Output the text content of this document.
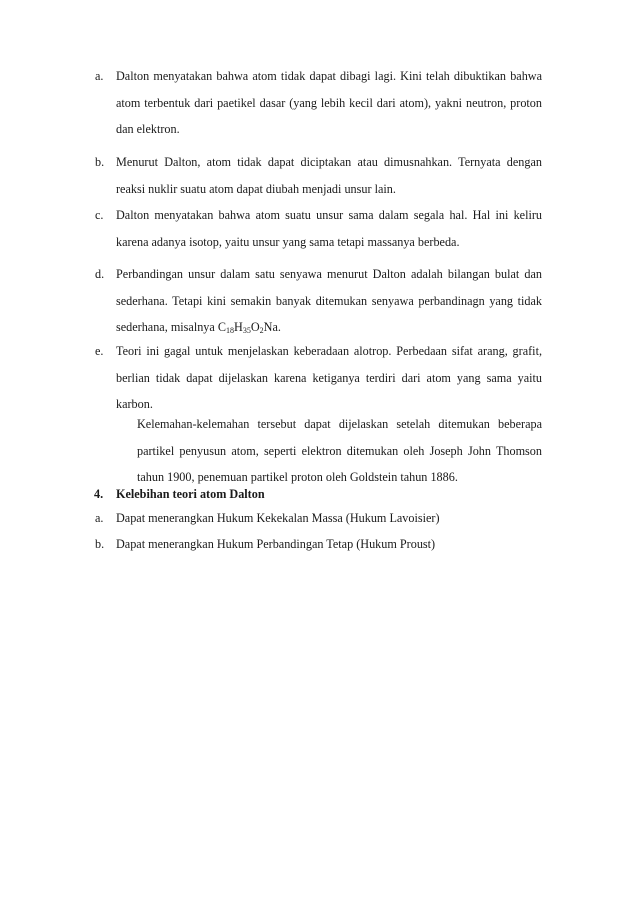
a. Dalton menyatakan bahwa atom tidak dapat dibagi lagi. Kini telah dibuktikan bahwa atom terbentuk dari paetikel dasar (yang lebih kecil dari atom), yakni neutron, proton dan elektron.
b. Menurut Dalton, atom tidak dapat diciptakan atau dimusnahkan. Ternyata dengan reaksi nuklir suatu atom dapat diubah menjadi unsur lain.
c. Dalton menyatakan bahwa atom suatu unsur sama dalam segala hal. Hal ini keliru karena adanya isotop, yaitu unsur yang sama tetapi massanya berbeda.
d. Perbandingan unsur dalam satu senyawa menurut Dalton adalah bilangan bulat dan sederhana. Tetapi kini semakin banyak ditemukan senyawa perbandinagn yang tidak sederhana, misalnya $C_{18}H_{35}O_2Na$.
e. Teori ini gagal untuk menjelaskan keberadaan alotrop. Perbedaan sifat arang, grafit, berlian tidak dapat dijelaskan karena ketiganya terdiri dari atom yang sama yaitu karbon.
Kelemahan-kelemahan tersebut dapat dijelaskan setelah ditemukan beberapa partikel penyusun atom, seperti elektron ditemukan oleh Joseph John Thomson tahun 1900, penemuan partikel proton oleh Goldstein tahun 1886.
4. Kelebihan teori atom Dalton
a. Dapat menerangkan Hukum Kekekalan Massa (Hukum Lavoisier)
b. Dapat menerangkan Hukum Perbandingan Tetap (Hukum Proust)
